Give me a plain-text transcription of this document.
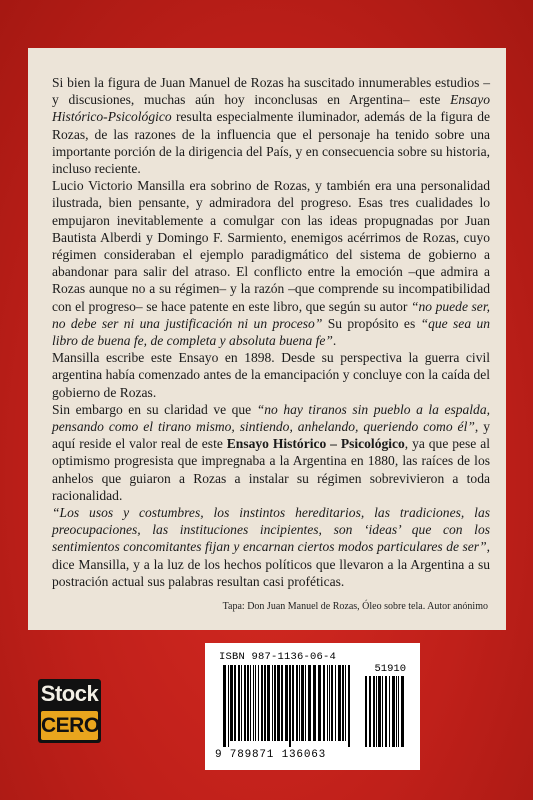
Si bien la figura de Juan Manuel de Rozas ha suscitado innumerables estudios –y discusiones, muchas aún hoy inconclusas en Argentina– este Ensayo Histórico-Psicológico resulta especialmente iluminador, además de la figura de Rozas, de las razones de la influencia que el personaje ha tenido sobre una importante porción de la dirigencia del País, y en consecuencia sobre su historia, incluso reciente.

Lucio Victorio Mansilla era sobrino de Rozas, y también era una personalidad ilustrada, bien pensante, y admiradora del progreso. Esas tres cualidades lo empujaron inevitablemente a comulgar con las ideas propugnadas por Juan Bautista Alberdi y Domingo F. Sarmiento, enemigos acérrimos de Rozas, cuyo régimen consideraban el ejemplo paradigmático del sistema de gobierno a abandonar para salir del atraso. El conflicto entre la emoción –que admira a Rozas aunque no a su régimen– y la razón –que comprende su incompatibilidad con el progreso– se hace patente en este libro, que según su autor “no puede ser, no debe ser ni una justificación ni un proceso” Su propósito es “que sea un libro de buena fe, de completa y absoluta buena fe”.

Mansilla escribe este Ensayo en 1898. Desde su perspectiva la guerra civil argentina había comenzado antes de la emancipación y concluye con la caída del gobierno de Rozas.

Sin embargo en su claridad ve que “no hay tiranos sin pueblo a la espalda, pensando como el tirano mismo, sintiendo, anhelando, queriendo como él”, y aquí reside el valor real de este Ensayo Histórico – Psicológico, ya que pese al optimismo progresista que impregnaba a la Argentina en 1880, las raíces de los anhelos que guiaron a Rozas a instalar su régimen sobrevivieron a toda racionalidad.

“Los usos y costumbres, los instintos hereditarios, las tradiciones, las preocupaciones, las instituciones incipientes, son ‘ideas’ que con los sentimientos concomitantes fijan y encarnan ciertos modos particulares de ser”, dice Mansilla, y a la luz de los hechos políticos que llevaron a la Argentina a su postración actual sus palabras resultan casi proféticas.

Tapa: Don Juan Manuel de Rozas, Óleo sobre tela. Autor anónimo
Stock
CERO
ISBN 987-1136-06-4
51910
9 789871 136063
